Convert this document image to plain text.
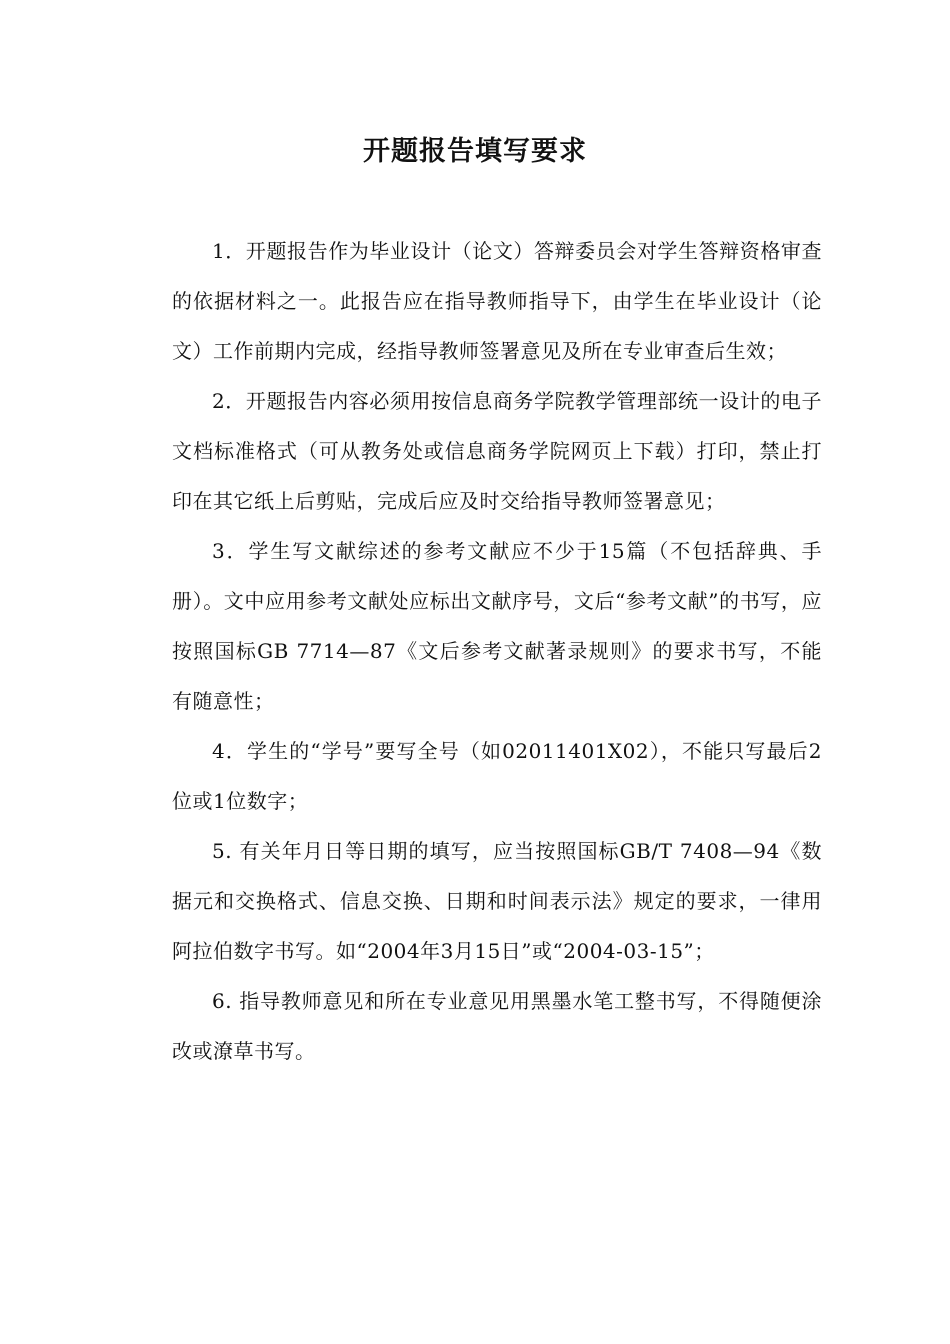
开题报告填写要求

1．开题报告作为毕业设计（论文）答辩委员会对学生答辩资格审查的依据材料之一。此报告应在指导教师指导下，由学生在毕业设计（论文）工作前期内完成，经指导教师签署意见及所在专业审查后生效；

2．开题报告内容必须用按信息商务学院教学管理部统一设计的电子文档标准格式（可从教务处或信息商务学院网页上下载）打印，禁止打印在其它纸上后剪贴，完成后应及时交给指导教师签署意见；

3．学生写文献综述的参考文献应不少于15篇（不包括辞典、手册）。文中应用参考文献处应标出文献序号，文后“参考文献”的书写，应按照国标GB 7714—87《文后参考文献著录规则》的要求书写，不能有随意性；

4．学生的“学号”要写全号（如02011401X02），不能只写最后2位或1位数字；

5. 有关年月日等日期的填写，应当按照国标GB/T 7408—94《数据元和交换格式、信息交换、日期和时间表示法》规定的要求，一律用阿拉伯数字书写。如“2004年3月15日”或“2004-03-15”；

6. 指导教师意见和所在专业意见用黑墨水笔工整书写，不得随便涂改或潦草书写。
